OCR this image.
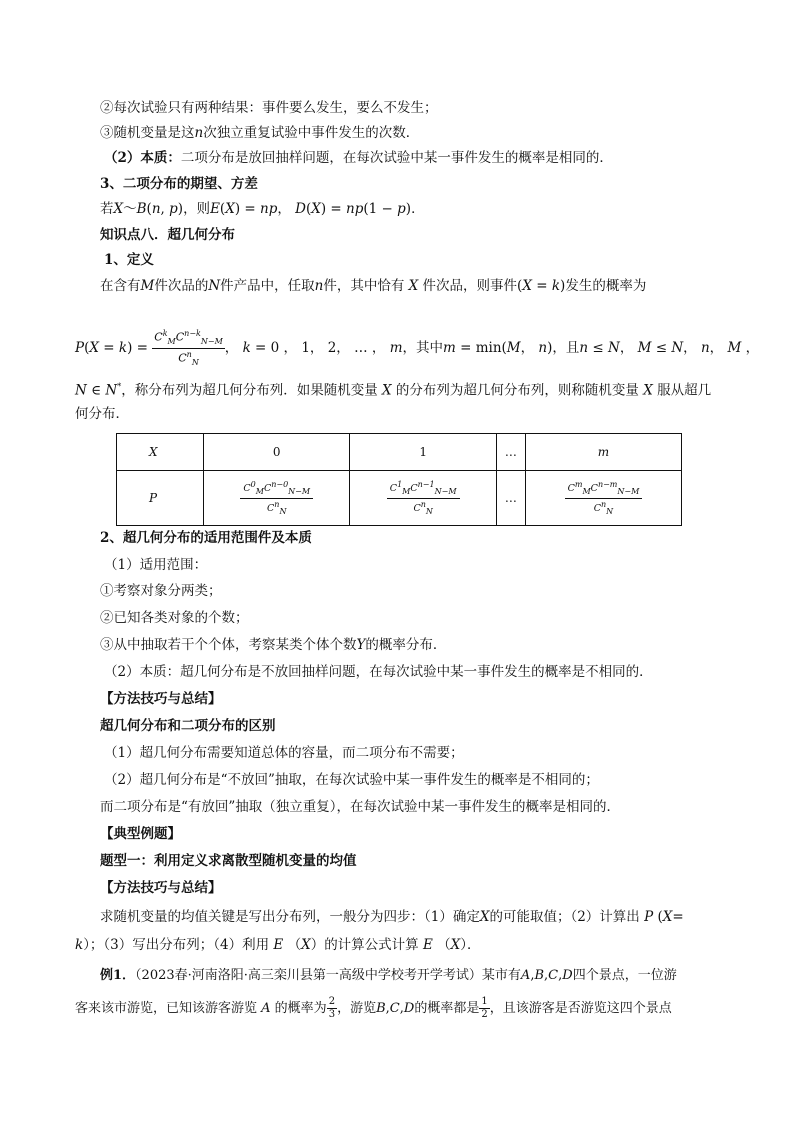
②每次试验只有两种结果：事件要么发生，要么不发生；
③随机变量是这n次独立重复试验中事件发生的次数．
（2）本质：二项分布是放回抽样问题，在每次试验中某一事件发生的概率是相同的．
3、二项分布的期望、方差
若X～B(n, p)，则E(X) = np， D(X) = np(1 − p)．
知识点八．超几何分布
1、定义
在含有M件次品的N件产品中，任取n件，其中恰有 X 件次品，则事件(X = k)发生的概率为
$P(X = k) = \frac{C^k_MC^{n-k}_{N-M}}{C^n_N}$ ， k = 0 ， 1， 2， … ， m，其中m = min(M， n)，且n ≤ N， M ≤ N， n， M ，
N ∈ N*，称分布列为超几何分布列．如果随机变量 X 的分布列为超几何分布列，则称随机变量 X 服从超几
何分布．
X	0	1	…	m
P	$\frac{C^0_MC^{n-0}_{N-M}}{C^n_N}$	$\frac{C^1_MC^{n-1}_{N-M}}{C^n_N}$	…	$\frac{C^m_MC^{n-m}_{N-M}}{C^n_N}$
2、超几何分布的适用范围件及本质
（1）适用范围：
①考察对象分两类；
②已知各类对象的个数；
③从中抽取若干个个体，考察某类个体个数Y的概率分布．
（2）本质：超几何分布是不放回抽样问题，在每次试验中某一事件发生的概率是不相同的．
【方法技巧与总结】
超几何分布和二项分布的区别
（1）超几何分布需要知道总体的容量，而二项分布不需要；
（2）超几何分布是“不放回”抽取，在每次试验中某一事件发生的概率是不相同的；
而二项分布是“有放回”抽取（独立重复），在每次试验中某一事件发生的概率是相同的．
【典型例题】
题型一：利用定义求离散型随机变量的均值
【方法技巧与总结】
求随机变量的均值关键是写出分布列，一般分为四步：（1）确定X的可能取值；（2）计算出 P (X=
k）；（3）写出分布列；（4）利用 E （X）的计算公式计算 E （X）．
例1．（2023春·河南洛阳·高三栾川县第一高级中学校考开学考试）某市有A,B,C,D四个景点，一位游
客来该市游览，已知该游客游览 A 的概率为 $\frac{2}{3}$ ，游览B,C,D的概率都是 $\frac{1}{2}$ ，且该游客是否游览这四个景点
